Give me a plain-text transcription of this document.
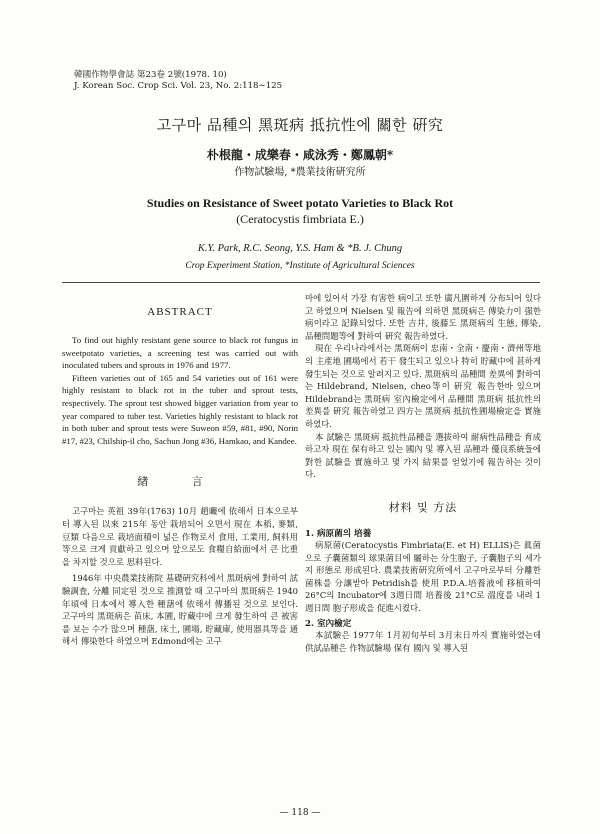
韓國作物學會誌 第23卷 2號(1978. 10)
J. Korean Soc. Crop Sci. Vol. 23, No. 2:118∼125
고구마 品種의 黑斑病 抵抗性에 關한 硏究
朴根龍・成樂春・咸泳秀・鄭鳳朝*
作物試驗場, *農業技術硏究所
Studies on Resistance of Sweet potato Varieties to Black Rot
(Ceratocystis fimbriata E.)
K.Y. Park, R.C. Seong, Y.S. Ham & *B. J. Chung
Crop Experiment Station, *Institute of Agricultural Sciences

ABSTRACT

To find out highly resistant gene source to black rot fungus in sweetpotato varieties, a screening test was carried out with inoculated tubers and sprouts in 1976 and 1977.

Fifteen varieties out of 165 and 54 varieties out of 161 were highly resistant to black rot in the tuber and sprout tests, respectively. The sprout test showed bigger variation from year to year compared to tuber test. Varieties highly resistant to black rot in both tuber and sprout tests were Suweon #59, #81, #90, Norin #17, #23, Chilship-il cho, Sachun Jong #36, Hamkao, and Kandee.

緖 言

고구마는 英祖 39年(1763) 10月 趙曮에 依해서 日本으로부터 導入된 以來 215年 동안 栽培되어 오면서 現在 本稻, 麥類, 豆類 다음으로 栽培面積이 넓은 作物로서 食用, 工業用, 飼料用 等으로 크게 貢獻하고 있으며 앞으로도 食糧自給面에서 큰 比重을 차지할 것으로 思料된다.

1946年 中央農業技術院 基礎硏究科에서 黑斑病에 對하여 試驗調査, 分離 同定된 것으로 推測할 때 고구마의 黑斑病은 1940年頃에 日本에서 導入한 種藷에 依해서 傳播된 것으로 보인다. 고구마의 黑斑病은 苗床, 本圃, 貯藏中에 크게 發生하여 큰 被害를 보는 수가 많으며 種藷, 床土, 圃場, 貯藏庫, 使用器具等을 通해서 傳染한다 하였으며 Edmond에는 고구

마에 있어서 가장 有害한 病이고 또한 廣凡圍하게 分布되어 있다고 하였으며 Nielsen 및 報告에 의하면 黑斑病은 傳染力이 强한 病이라고 記錄되었다. 또한 吉井, 後藤도 黑斑病의 生態, 傳染, 品種問題等에 對하여 硏究 報告하였다.

現在 우리나라에서는 黑斑病이 忠南・全南・慶南・濟州等地의 主產地 圃場에서 若干 發生되고 있으나 特히 貯藏中에 甚하게 發生되는 것으로 알려지고 있다. 黑斑病의 品種間 差異에 對하여는 Hildebrand, Nielsen, cheo等이 硏究 報告한바 있으며 Hildebrand는 黑斑病 室內檢定에서 品種間 黑斑病 抵抗性의 差異를 硏究 報告하였고 四方는 黑斑病 抵抗性圃場檢定을 實施하였다.

本 試驗은 黑斑病 抵抗性品種을 選拔하여 耐病性品種을 育成하고자 現在 保有하고 있는 國內 및 導入된 品種과 優良系統들에 對한 試驗을 實施하고 몇 가지 結果를 얻었기에 報告하는 것이다.

材料 및 方法

1. 病原菌의 培養

病原菌(Ceratocystis Fimbriata(E. et H) ELLIS)은 眞菌으로 子囊菌類의 球果菌目에 屬하는 分生胞子, 子囊胞子의 세가지 形態로 形成된다. 農業技術硏究所에서 고구마로부터 分離한 菌株를 分讓받아 Petridish를 使用 P.D.A.培養液에 移植하여 26°C의 Incubator에 3週日間 培養後 21°C로 溫度를 내려 1週日間 胞子形成을 促進시켰다.

2. 室內檢定

本試驗은 1977年 1月初旬부터 3月末日까지 實施하였는데 供試品種은 作物試驗場 保有 國內 및 導入된

— 118 —
